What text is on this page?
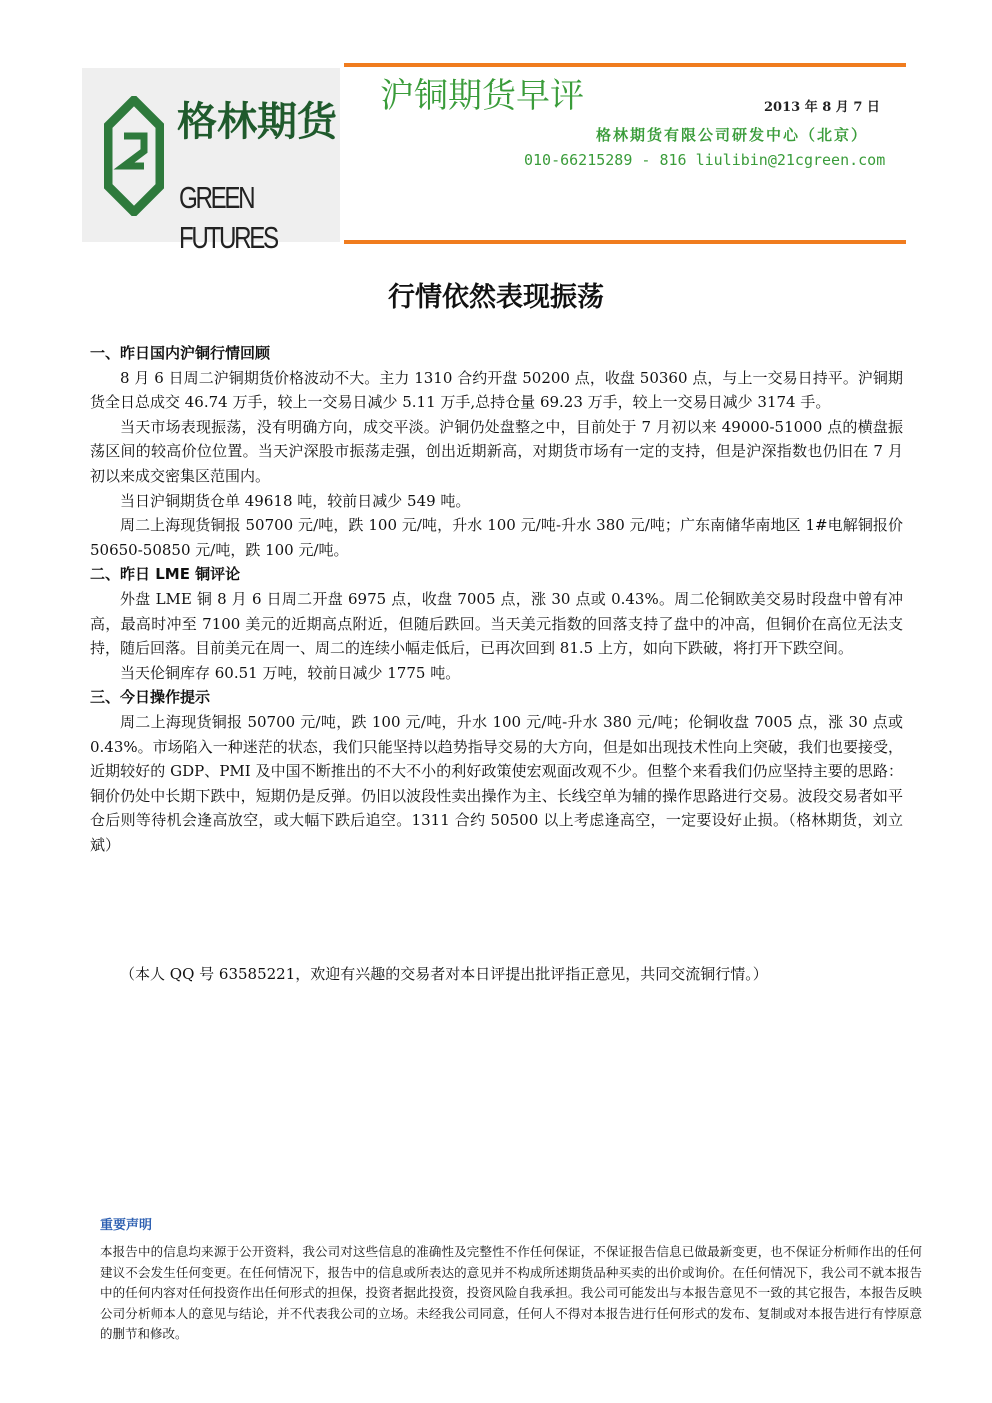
格林期货
GREEN FUTURES
沪铜期货早评	2013 年 8 月 7 日
格林期货有限公司研发中心（北京）
010-66215289 - 816 liulibin@21cgreen.com
行情依然表现振荡
一、昨日国内沪铜行情回顾

8 月 6 日周二沪铜期货价格波动不大。主力 1310 合约开盘 50200 点，收盘 50360 点，与上一交易日持平。沪铜期货全日总成交 46.74 万手，较上一交易日减少 5.11 万手,总持仓量 69.23 万手，较上一交易日减少 3174 手。

当天市场表现振荡，没有明确方向，成交平淡。沪铜仍处盘整之中，目前处于 7 月初以来 49000-51000 点的横盘振荡区间的较高价位位置。当天沪深股市振荡走强，创出近期新高，对期货市场有一定的支持，但是沪深指数也仍旧在 7 月初以来成交密集区范围内。

当日沪铜期货仓单 49618 吨，较前日减少 549 吨。

周二上海现货铜报 50700 元/吨，跌 100 元/吨，升水 100 元/吨-升水 380 元/吨；广东南储华南地区 1#电解铜报价 50650-50850 元/吨，跌 100 元/吨。

二、昨日 LME 铜评论

外盘 LME 铜 8 月 6 日周二开盘 6975 点，收盘 7005 点，涨 30 点或 0.43%。周二伦铜欧美交易时段盘中曾有冲高，最高时冲至 7100 美元的近期高点附近，但随后跌回。当天美元指数的回落支持了盘中的冲高，但铜价在高位无法支持，随后回落。目前美元在周一、周二的连续小幅走低后，已再次回到 81.5 上方，如向下跌破，将打开下跌空间。

当天伦铜库存 60.51 万吨，较前日减少 1775 吨。

三、今日操作提示

周二上海现货铜报 50700 元/吨，跌 100 元/吨，升水 100 元/吨-升水 380 元/吨；伦铜收盘 7005 点，涨 30 点或 0.43%。市场陷入一种迷茫的状态，我们只能坚持以趋势指导交易的大方向，但是如出现技术性向上突破，我们也要接受，近期较好的 GDP、PMI 及中国不断推出的不大不小的利好政策使宏观面改观不少。但整个来看我们仍应坚持主要的思路：铜价仍处中长期下跌中，短期仍是反弹。仍旧以波段性卖出操作为主、长线空单为辅的操作思路进行交易。波段交易者如平仓后则等待机会逢高放空，或大幅下跌后追空。1311 合约 50500 以上考虑逢高空，一定要设好止损。（格林期货，刘立斌）

（本人 QQ 号 63585221，欢迎有兴趣的交易者对本日评提出批评指正意见，共同交流铜行情。）
重要声明
本报告中的信息均来源于公开资料，我公司对这些信息的准确性及完整性不作任何保证，不保证报告信息已做最新变更，也不保证分析师作出的任何建议不会发生任何变更。在任何情况下，报告中的信息或所表达的意见并不构成所述期货品种买卖的出价或询价。在任何情况下，我公司不就本报告中的任何内容对任何投资作出任何形式的担保，投资者据此投资，投资风险自我承担。我公司可能发出与本报告意见不一致的其它报告，本报告反映公司分析师本人的意见与结论，并不代表我公司的立场。未经我公司同意，任何人不得对本报告进行任何形式的发布、复制或对本报告进行有悖原意的删节和修改。
